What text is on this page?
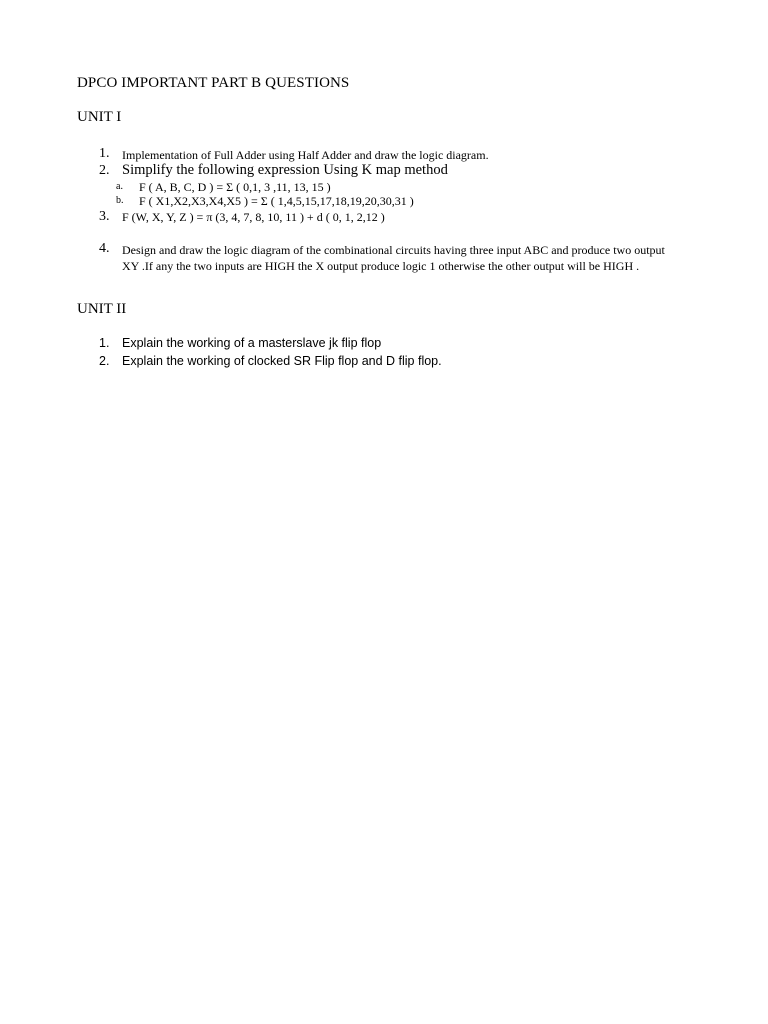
DPCO IMPORTANT PART B QUESTIONS
UNIT I
1. Implementation of Full Adder using Half Adder and draw the logic diagram.
2. Simplify the following expression Using K map method
a. F ( A, B, C, D ) = Σ ( 0,1, 3 ,11, 13, 15 )
b. F ( X1,X2,X3,X4,X5 ) = Σ ( 1,4,5,15,17,18,19,20,30,31 )
3. F (W, X, Y, Z ) = π (3, 4, 7, 8, 10, 11 ) + d ( 0, 1, 2,12 )
4. Design and draw the logic diagram of the combinational circuits having three input ABC and produce two output
XY .If any the two inputs are HIGH the X output produce logic 1 otherwise the other output will be HIGH .
UNIT II
1. Explain the working of a masterslave jk flip flop
2. Explain the working of clocked SR Flip flop and D flip flop.
